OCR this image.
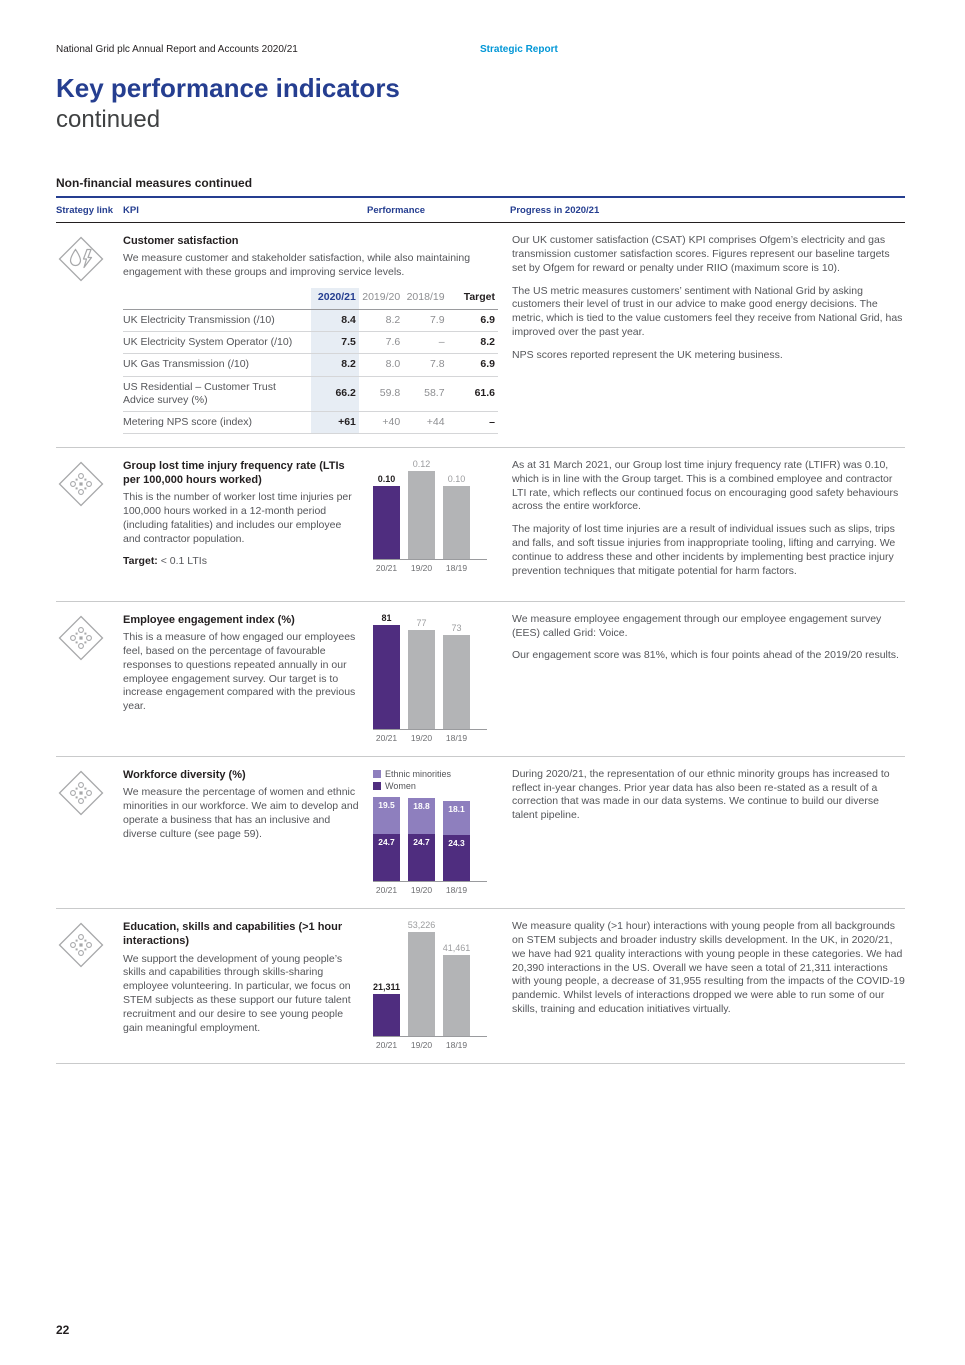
National Grid plc Annual Report and Accounts 2020/21	Strategic Report
Key performance indicators
continued
Non-financial measures continued
Strategy link	KPI	Performance	Progress in 2020/21
Customer satisfaction

We measure customer and stakeholder satisfaction, while also maintaining engagement with these groups and improving service levels.

	2020/21	2019/20	2018/19	Target
UK Electricity Transmission (/10)	8.4	8.2	7.9	6.9
UK Electricity System Operator (/10)	7.5	7.6	–	8.2
UK Gas Transmission (/10)	8.2	8.0	7.8	6.9
US Residential – Customer Trust Advice survey (%)	66.2	59.8	58.7	61.6
Metering NPS score (index)	+61	+40	+44	–

Our UK customer satisfaction (CSAT) KPI comprises Ofgem’s electricity and gas transmission customer satisfaction scores. Figures represent our baseline targets set by Ofgem for reward or penalty under RIIO (maximum score is 10).

The US metric measures customers’ sentiment with National Grid by asking customers their level of trust in our advice to make good energy decisions. The metric, which is tied to the value customers feel they receive from National Grid, has improved over the past year.

NPS scores reported represent the UK metering business.

Group lost time injury frequency rate (LTIs per 100,000 hours worked)

This is the number of worker lost time injuries per 100,000 hours worked in a 12-month period (including fatalities) and includes our employee and contractor population.

Target: < 0.1 LTIs

0.10
0.12
0.10
20/21	19/20	18/19

As at 31 March 2021, our Group lost time injury frequency rate (LTIFR) was 0.10, which is in line with the Group target. This is a combined employee and contractor LTI rate, which reflects our continued focus on encouraging good safety behaviours across the entire workforce.

The majority of lost time injuries are a result of individual issues such as slips, trips and falls, and soft tissue injuries from inappropriate tooling, lifting and carrying. We continue to address these and other incidents by implementing best practice injury prevention techniques that mitigate potential for harm factors.

Employee engagement index (%)

This is a measure of how engaged our employees feel, based on the percentage of favourable responses to questions repeated annually in our employee engagement survey. Our target is to increase engagement compared with the previous year.

81	77	73
20/21	19/20	18/19

We measure employee engagement through our employee engagement survey (EES) called Grid: Voice.

Our engagement score was 81%, which is four points ahead of the 2019/20 results.

Workforce diversity (%)

We measure the percentage of women and ethnic minorities in our workforce. We aim to develop and operate a business that has an inclusive and diverse culture (see page 59).

Ethnic minorities
Women
19.5
24.7
18.8
24.7
18.1
24.3
20/21	19/20	18/19

During 2020/21, the representation of our ethnic minority groups has increased to reflect in-year changes. Prior year data has also been re-stated as a result of a correction that was made in our data systems. We continue to build our diverse talent pipeline.

Education, skills and capabilities (>1 hour interactions)

We support the development of young people’s skills and capabilities through skills-sharing employee volunteering. In particular, we focus on STEM subjects as these support our future talent recruitment and our desire to see young people gain meaningful employment.

21,311
53,226
41,461
20/21	19/20	18/19

We measure quality (>1 hour) interactions with young people from all backgrounds on STEM subjects and broader industry skills development. In the UK, in 2020/21, we have had 921 quality interactions with young people in these categories. We had 20,390 interactions in the US. Overall we have seen a total of 21,311 interactions with young people, a decrease of 31,955 resulting from the impacts of the COVID-19 pandemic. Whilst levels of interactions dropped we were able to run some of our skills, training and education initiatives virtually.

22
